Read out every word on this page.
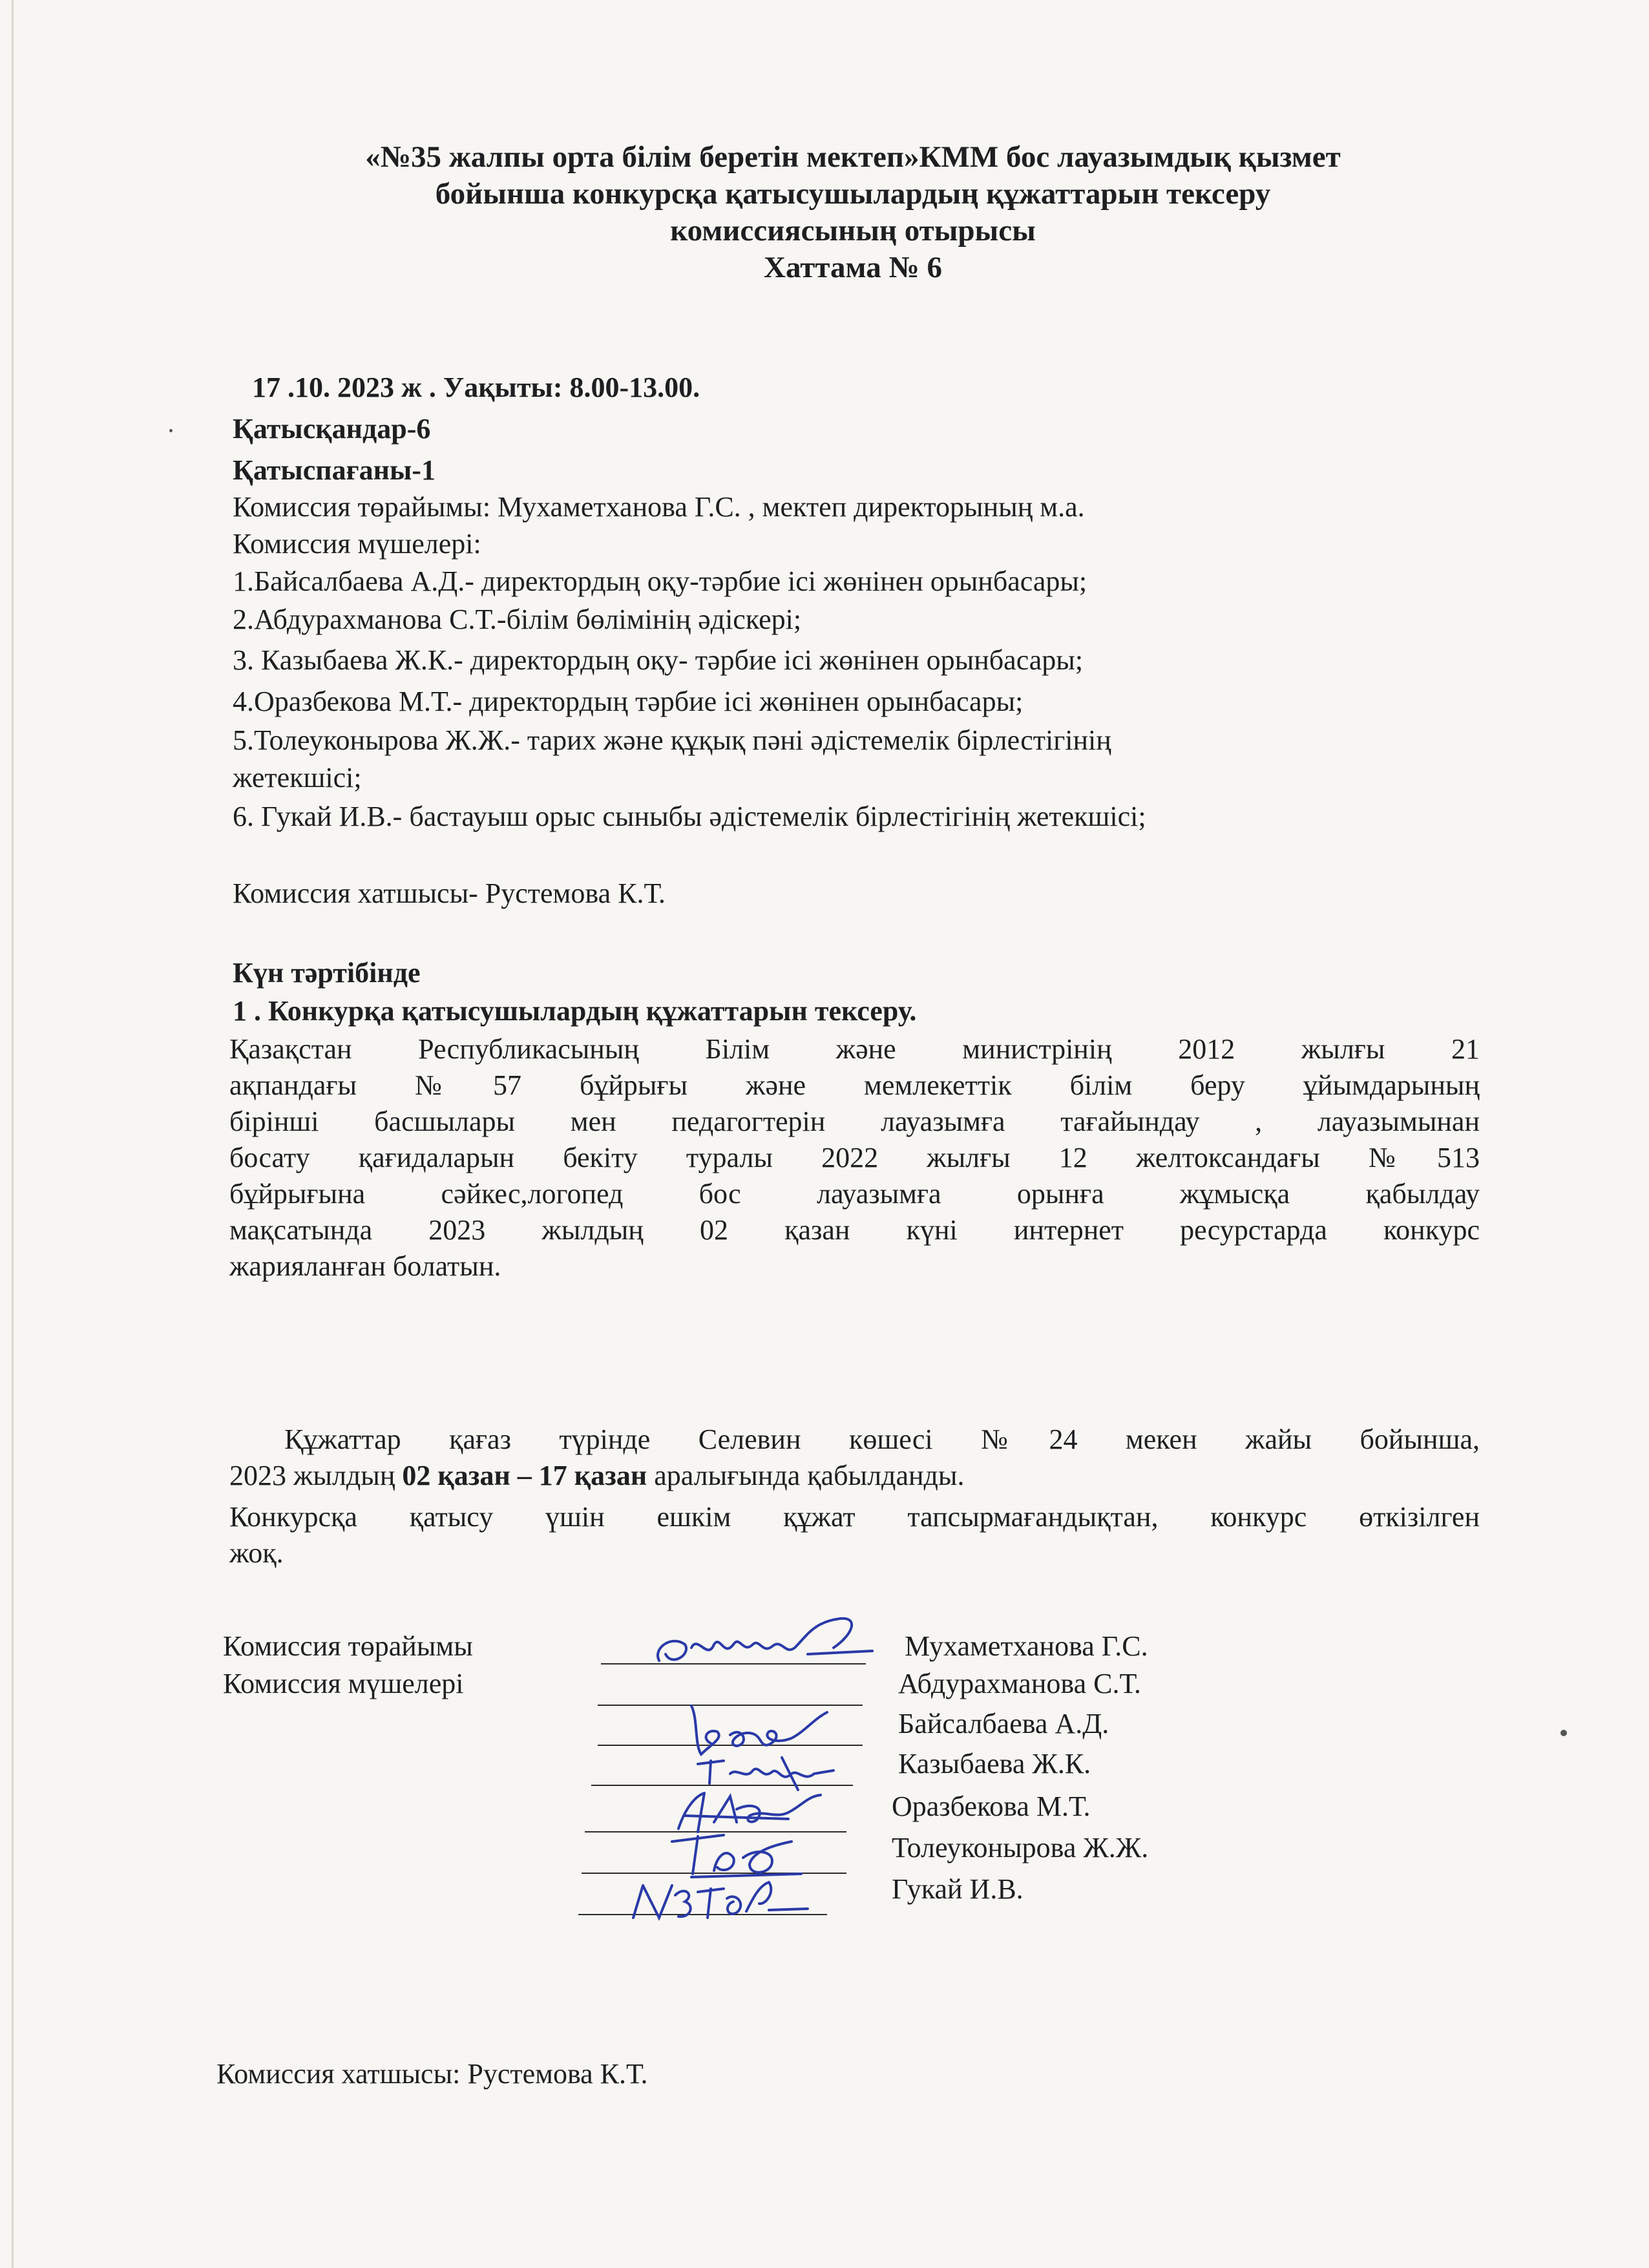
«№35 жалпы орта білім беретін мектеп»КММ бос лауазымдық қызмет
бойынша конкурсқа қатысушылардың құжаттарын тексеру
комиссиясының отырысы
Хаттама № 6
17 .10. 2023 ж . Уақыты: 8.00-13.00.
Қатысқандар-6
Қатыспағаны-1
Комиссия төрайымы: Мухаметханова Г.С. , мектеп директорының м.а.
Комиссия мүшелері:
1.Байсалбаева А.Д.- директордың оқу-тәрбие ісі жөнінен орынбасары;
2.Абдурахманова С.Т.-білім бөлімінің әдіскері;
3. Казыбаева Ж.К.- директордың оқу- тәрбие ісі жөнінен орынбасары;
4.Оразбекова М.Т.- директордың тәрбие ісі жөнінен орынбасары;
5.Толеуконырова Ж.Ж.- тарих және құқық пәні әдістемелік бірлестігінің
жетекшісі;
6. Гукай И.В.- бастауыш орыс сыныбы әдістемелік бірлестігінің жетекшісі;
Комиссия хатшысы- Рустемова К.Т.
Күн тәртібінде
1 . Конкурқа қатысушылардың құжаттарын тексеру.
Қазақстан Республикасының Білім және министрінің 2012 жылғы 21
ақпандағы №57 бұйрығы және мемлекеттік білім беру ұйымдарының
бірінші басшылары мен педагогтерін лауазымға тағайындау , лауазымынан
босату қағидаларын бекіту туралы 2022 жылғы 12 желтоксандағы №513
бұйрығына сәйкес,логопед бос лауазымға орынға жұмысқа қабылдау
мақсатында 2023 жылдың 02 қазан күні интернет ресурстарда конкурс
жарияланған болатын.
Құжаттар қағаз түрінде Селевин көшесі №24 мекен жайы бойынша,
2023 жылдың 02 қазан – 17 қазан аралығында қабылданды.
Конкурсқа қатысу үшін ешкім құжат тапсырмағандықтан, конкурс өткізілген
жоқ.
Комиссия төрайымы
Комиссия мүшелері
Мухаметханова Г.С.
Абдурахманова С.Т.
Байсалбаева А.Д.
Казыбаева Ж.К.
Оразбекова М.Т.
Толеуконырова Ж.Ж.
Гукай И.В.
Комиссия хатшысы: Рустемова К.Т.
